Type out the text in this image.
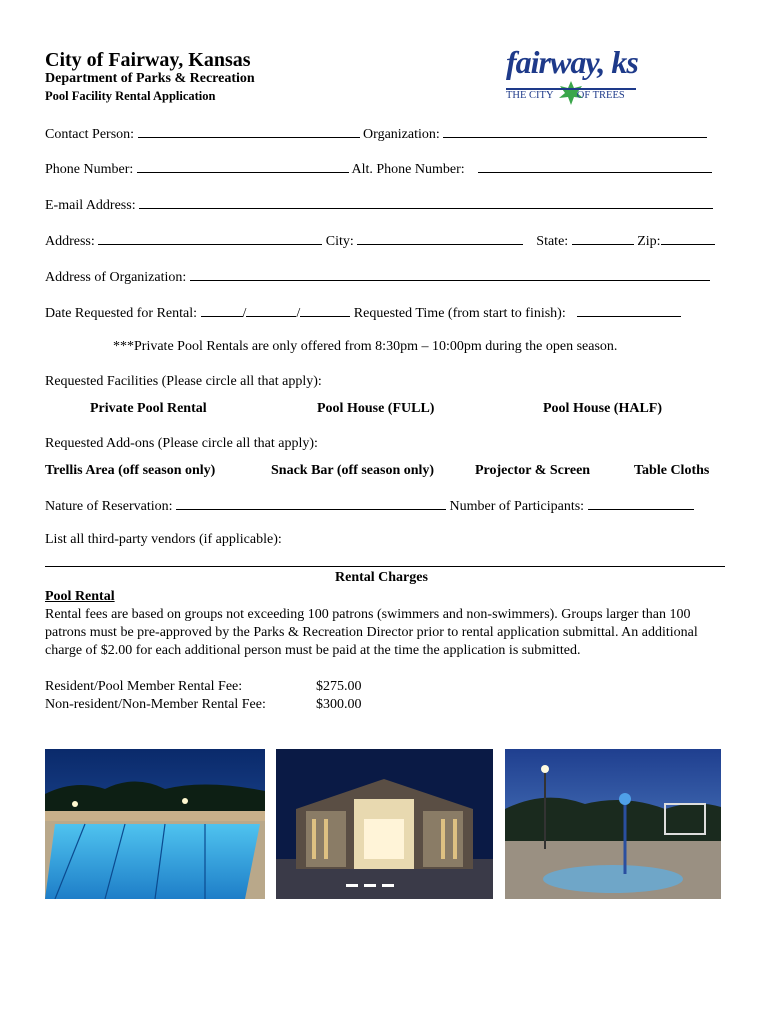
City of Fairway, Kansas
Department of Parks & Recreation
Pool Facility Rental Application
fairway, ks
THE CITY         OF TREES
Contact Person:	Organization:
Phone Number:	Alt. Phone Number:
E-mail Address:
Address:	City:	State:	Zip:
Address of Organization:
Date Requested for Rental:	/	/	Requested Time (from start to finish):
***Private Pool Rentals are only offered from 8:30pm – 10:00pm during the open season.
Requested Facilities (Please circle all that apply):
Private Pool Rental	Pool House (FULL)	Pool House (HALF)
Requested Add-ons (Please circle all that apply):
Trellis Area (off season only)	Snack Bar (off season only)	Projector & Screen	Table Cloths
Nature of Reservation:	Number of Participants:
List all third-party vendors (if applicable):
Rental Charges
Pool Rental
Rental fees are based on groups not exceeding 100 patrons (swimmers and non-swimmers). Groups larger than 100 patrons must be pre-approved by the Parks & Recreation Director prior to rental application submittal. An additional charge of $2.00 for each additional person must be paid at the time the application is submitted.
Resident/Pool Member Rental Fee:	$275.00
Non-resident/Non-Member Rental Fee:	$300.00
